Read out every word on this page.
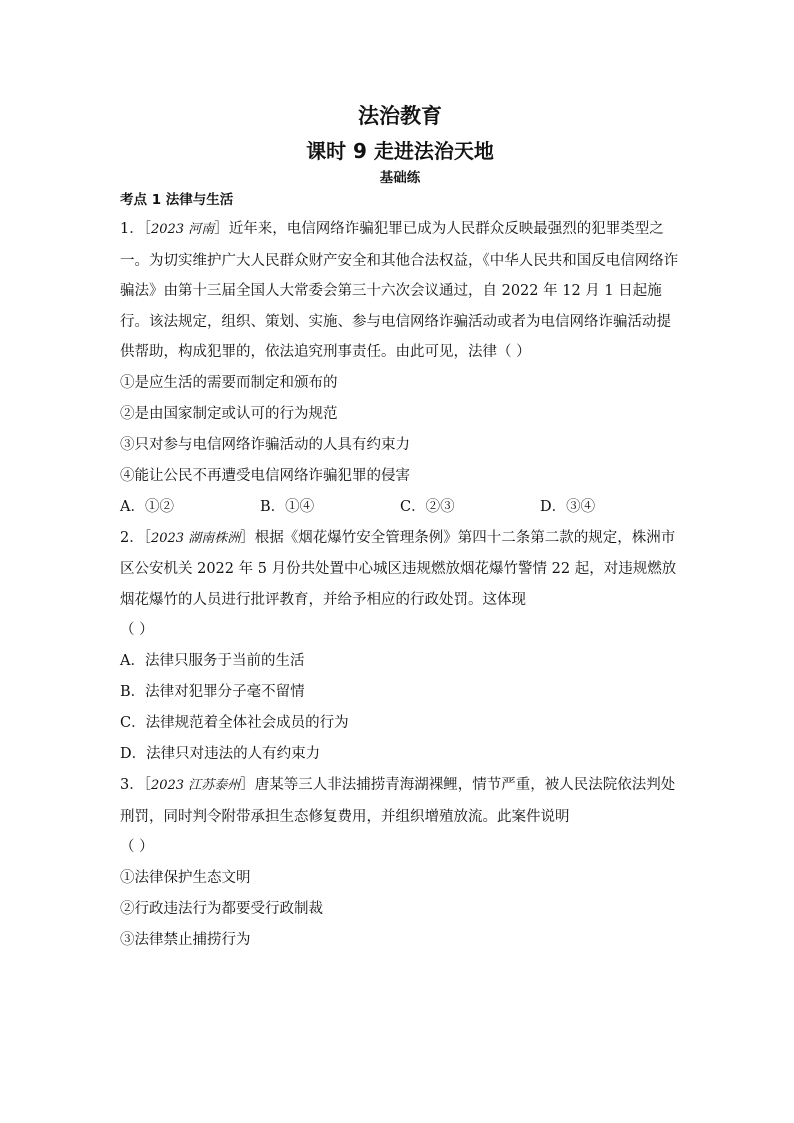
法治教育
课时 9 走进法治天地
基础练
考点 1 法律与生活

1．［2023 河南］近年来，电信网络诈骗犯罪已成为人民群众反映最强烈的犯罪类型之一。为切实维护广大人民群众财产安全和其他合法权益，《中华人民共和国反电信网络诈骗法》由第十三届全国人大常委会第三十六次会议通过，自 2022 年 12 月 1 日起施行。该法规定，组织、策划、实施、参与电信网络诈骗活动或者为电信网络诈骗活动提供帮助，构成犯罪的，依法追究刑事责任。由此可见，法律（ ）

①是应生活的需要而制定和颁布的

②是由国家制定或认可的行为规范

③只对参与电信网络诈骗活动的人具有约束力

④能让公民不再遭受电信网络诈骗犯罪的侵害

A．①②	B．①④	C．②③	D．③④

2．［2023 湖南株洲］根据《烟花爆竹安全管理条例》第四十二条第二款的规定，株洲市区公安机关 2022 年 5 月份共处置中心城区违规燃放烟花爆竹警情 22 起，对违规燃放烟花爆竹的人员进行批评教育，并给予相应的行政处罚。这体现

（ ）

A．法律只服务于当前的生活

B．法律对犯罪分子毫不留情

C．法律规范着全体社会成员的行为

D．法律只对违法的人有约束力

3．［2023 江苏泰州］唐某等三人非法捕捞青海湖裸鲤，情节严重，被人民法院依法判处刑罚，同时判令附带承担生态修复费用，并组织增殖放流。此案件说明

（ ）

①法律保护生态文明

②行政违法行为都要受行政制裁

③法律禁止捕捞行为
